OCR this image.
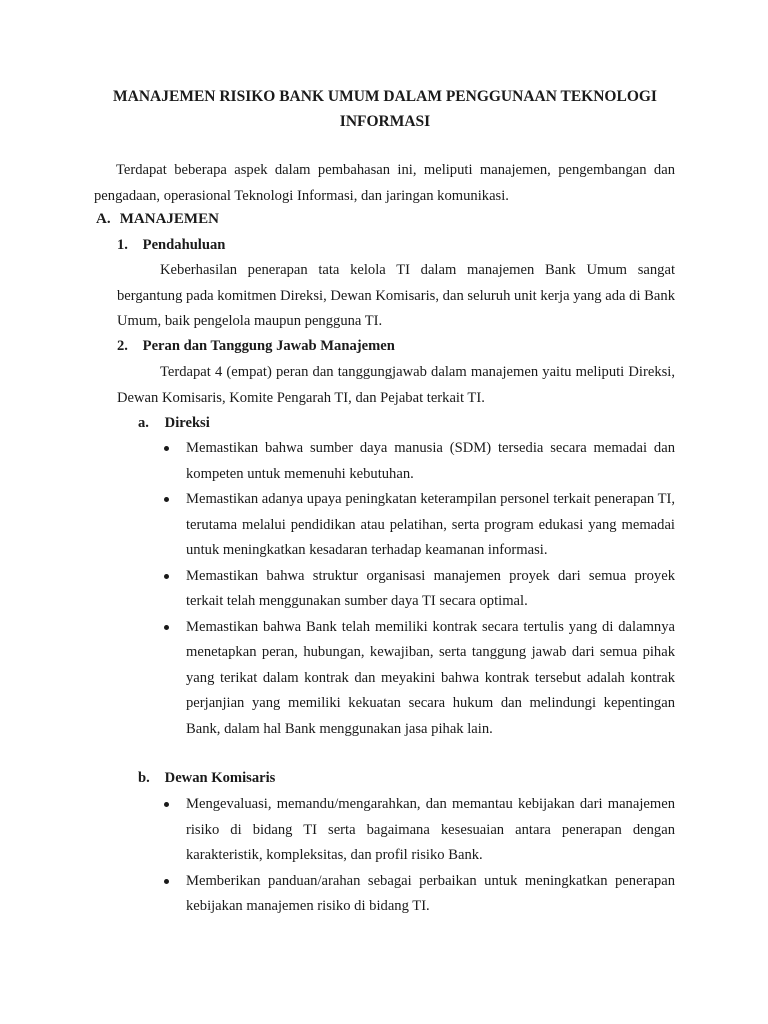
MANAJEMEN RISIKO BANK UMUM DALAM PENGGUNAAN TEKNOLOGI
INFORMASI

Terdapat beberapa aspek dalam pembahasan ini, meliputi manajemen, pengembangan dan pengadaan, operasional Teknologi Informasi, dan jaringan komunikasi.

A. MANAJEMEN
1. Pendahuluan

Keberhasilan penerapan tata kelola TI dalam manajemen Bank Umum sangat bergantung pada komitmen Direksi, Dewan Komisaris, dan seluruh unit kerja yang ada di Bank Umum, baik pengelola maupun pengguna TI.

2. Peran dan Tanggung Jawab Manajemen

Terdapat 4 (empat) peran dan tanggungjawab dalam manajemen yaitu meliputi Direksi, Dewan Komisaris, Komite Pengarah TI, dan Pejabat terkait TI.

a. Direksi
Memastikan bahwa sumber daya manusia (SDM) tersedia secara memadai dan kompeten untuk memenuhi kebutuhan.
Memastikan adanya upaya peningkatan keterampilan personel terkait penerapan TI, terutama melalui pendidikan atau pelatihan, serta program edukasi yang memadai untuk meningkatkan kesadaran terhadap keamanan informasi.
Memastikan bahwa struktur organisasi manajemen proyek dari semua proyek terkait telah menggunakan sumber daya TI secara optimal.
Memastikan bahwa Bank telah memiliki kontrak secara tertulis yang di dalamnya menetapkan peran, hubungan, kewajiban, serta tanggung jawab dari semua pihak yang terikat dalam kontrak dan meyakini bahwa kontrak tersebut adalah kontrak perjanjian yang memiliki kekuatan secara hukum dan melindungi kepentingan Bank, dalam hal Bank menggunakan jasa pihak lain.
b. Dewan Komisaris
Mengevaluasi, memandu/mengarahkan, dan memantau kebijakan dari manajemen risiko di bidang TI serta bagaimana kesesuaian antara penerapan dengan karakteristik, kompleksitas, dan profil risiko Bank.
Memberikan panduan/arahan sebagai perbaikan untuk meningkatkan penerapan kebijakan manajemen risiko di bidang TI.
